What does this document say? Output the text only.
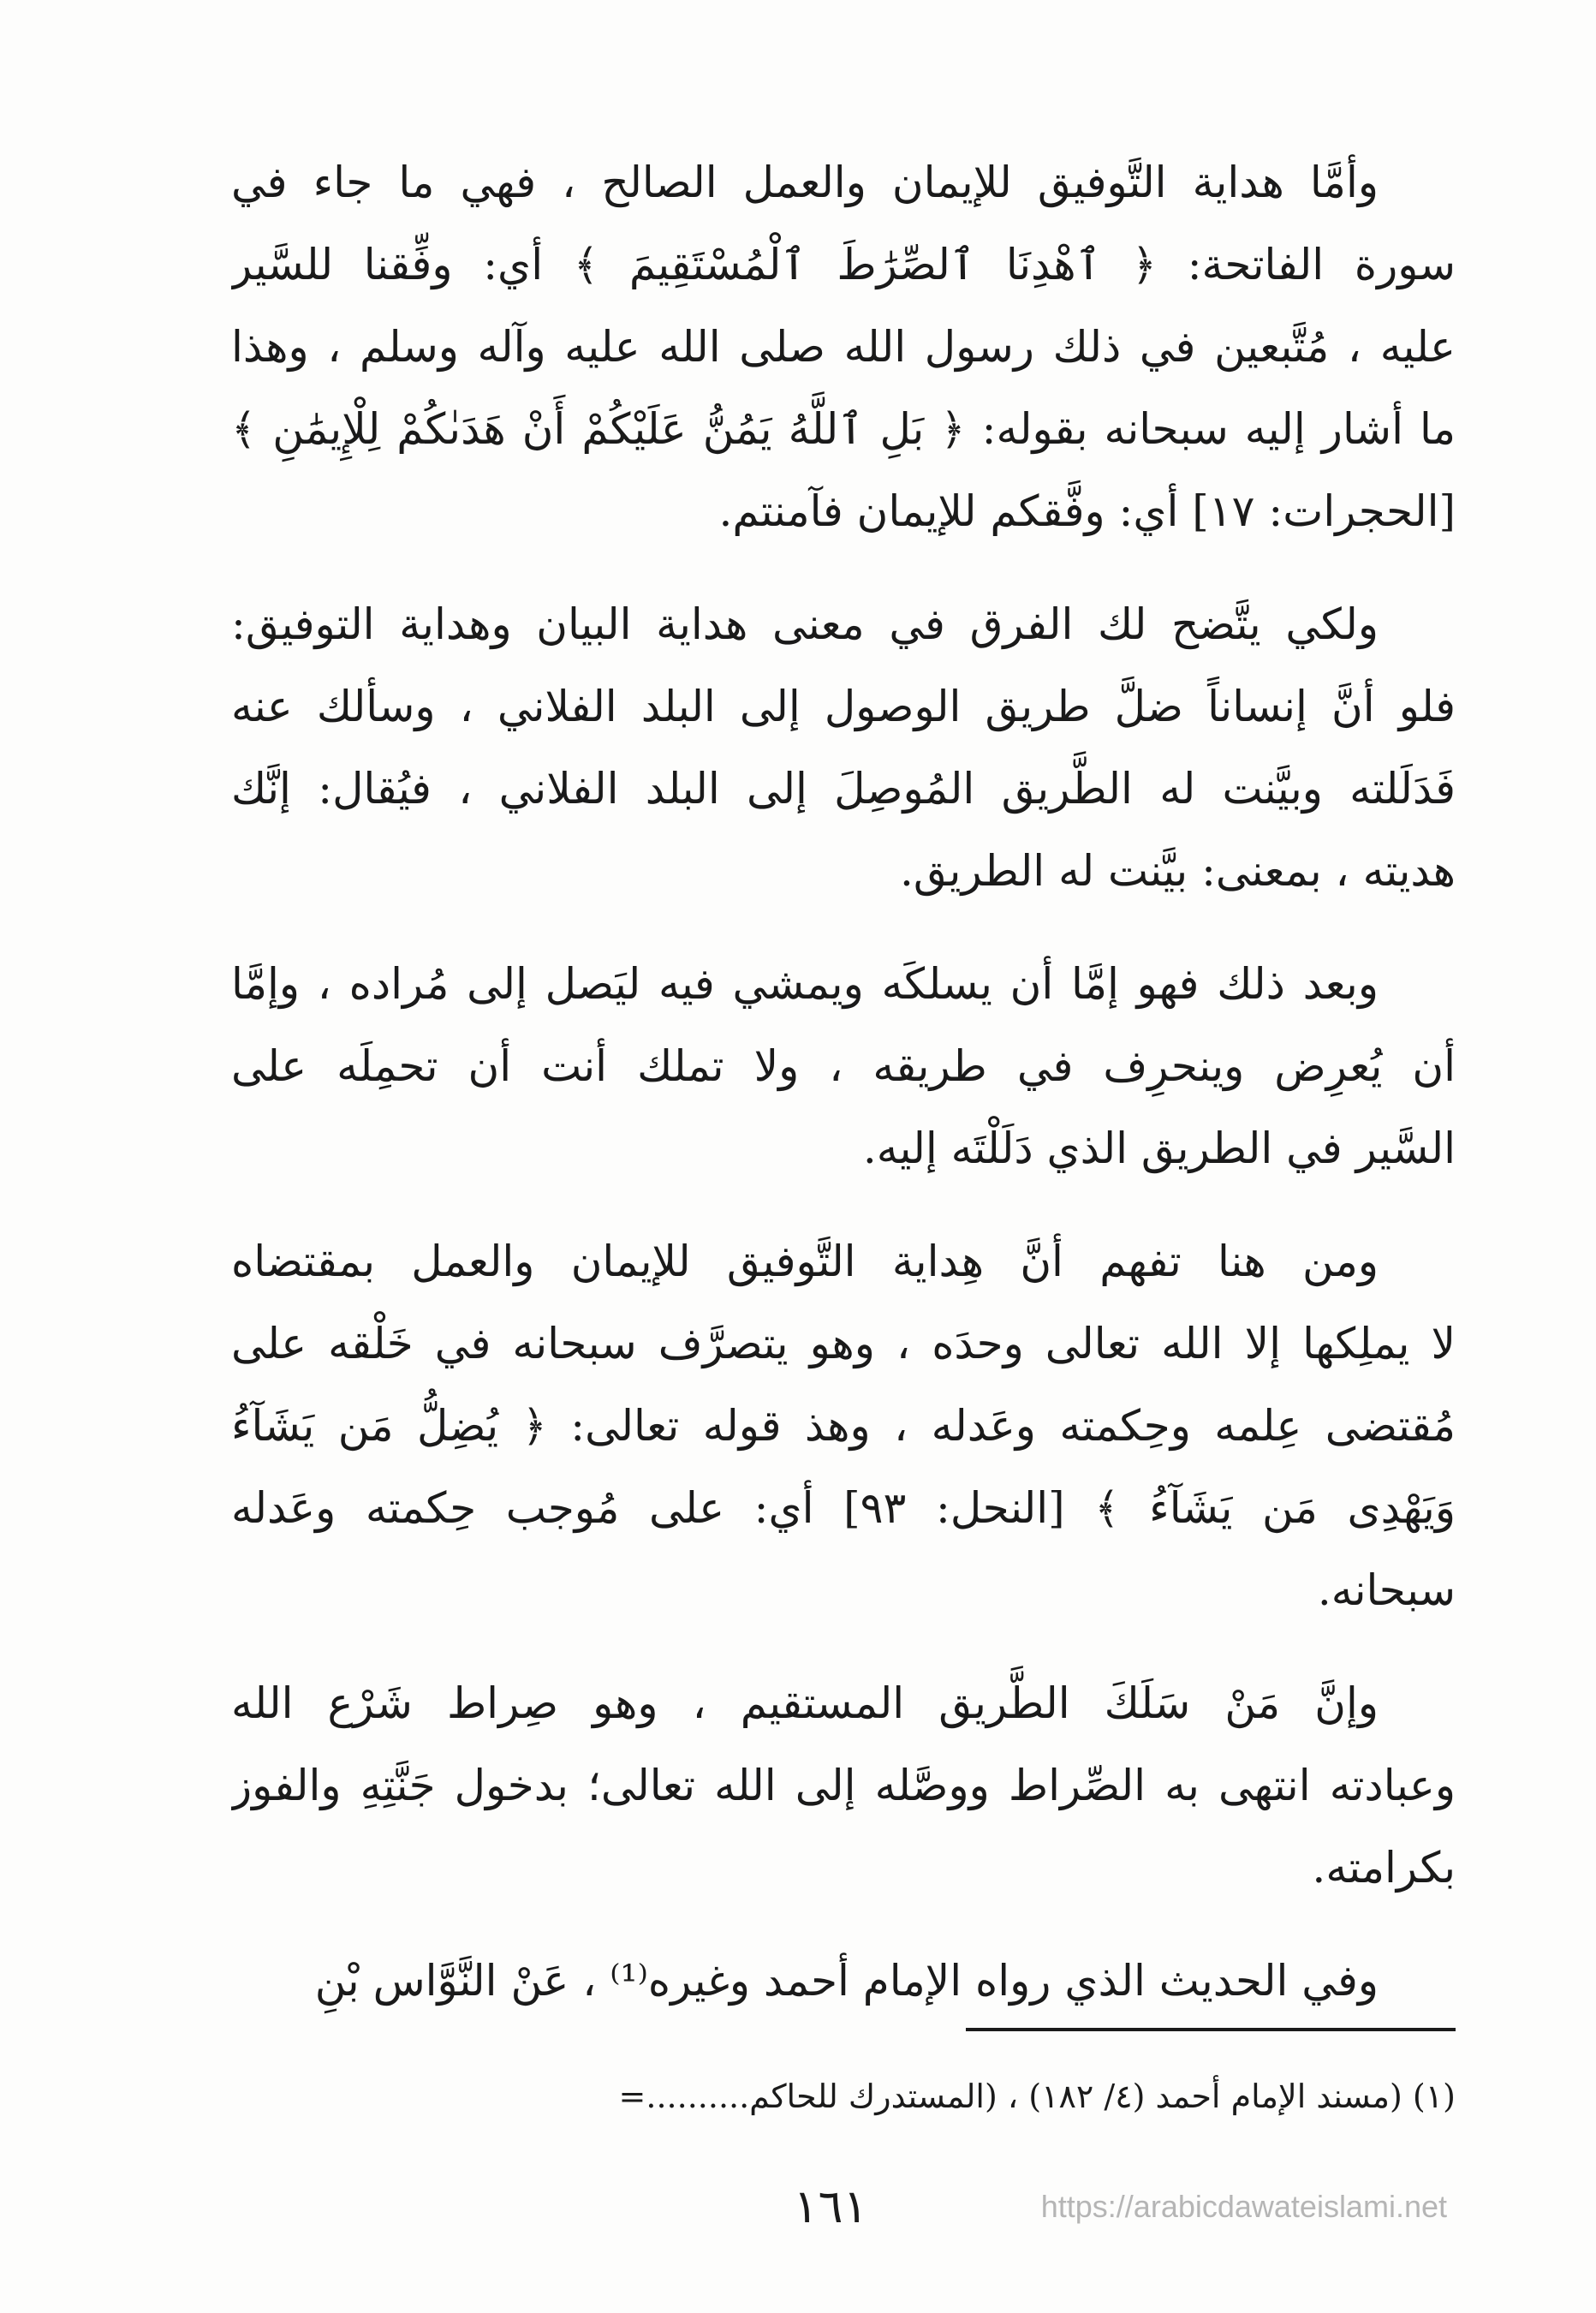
وأمَّا هداية التَّوفيق للإيمان والعمل الصالح ، فهي ما جاء في
سورة الفاتحة: ﴿ ٱهْدِنَا ٱلصِّرَٰطَ ٱلْمُسْتَقِيمَ ﴾ أي: وفِّقنا للسَّير
عليه ، مُتَّبعين في ذلك رسول الله صلى الله عليه وآله وسلم ، وهذا
ما أشار إليه سبحانه بقوله: ﴿ بَلِ ٱللَّهُ يَمُنُّ عَلَيْكُمْ أَنْ هَدَىٰكُمْ لِلْإِيمَٰنِ ﴾
[الحجرات: ١٧] أي: وفَّقكم للإيمان فآمنتم.
ولكي يتَّضح لك الفرق في معنى هداية البيان وهداية التوفيق:
فلو أنَّ إنساناً ضلَّ طريق الوصول إلى البلد الفلاني ، وسألك عنه
فَدَلَلته وبيَّنت له الطَّريق المُوصِلَ إلى البلد الفلاني ، فيُقال: إنَّك
هديته ، بمعنى: بيَّنت له الطريق.
وبعد ذلك فهو إمَّا أن يسلكَه ويمشي فيه ليَصل إلى مُراده ، وإمَّا
أن يُعرِض وينحرِف في طريقه ، ولا تملك أنت أن تحمِلَه على
السَّير في الطريق الذي دَلَلْتَه إليه.
ومن هنا تفهم أنَّ هِداية التَّوفيق للإيمان والعمل بمقتضاه
لا يملِكها إلا الله تعالى وحدَه ، وهو يتصرَّف سبحانه في خَلْقه على
مُقتضى عِلمه وحِكمته وعَدله ، وهذ قوله تعالى: ﴿ يُضِلُّ مَن يَشَآءُ
وَيَهْدِى مَن يَشَآءُ ﴾ [النحل: ٩٣] أي: على مُوجب حِكمته وعَدله
سبحانه.
وإنَّ مَنْ سَلَكَ الطَّريق المستقيم ، وهو صِراط شَرْع الله
وعبادته انتهى به الصِّراط ووصَّله إلى الله تعالى؛ بدخول جَنَّتِهِ والفوز
بكرامته.
وفي الحديث الذي رواه الإمام أحمد وغيره⁽¹⁾ ، عَنْ النَّوَّاس بْنِ
(١) (مسند الإمام أحمد (٤/ ١٨٢) ، (المستدرك للحاكم..........=
١٦١	https://arabicdawateislami.net
